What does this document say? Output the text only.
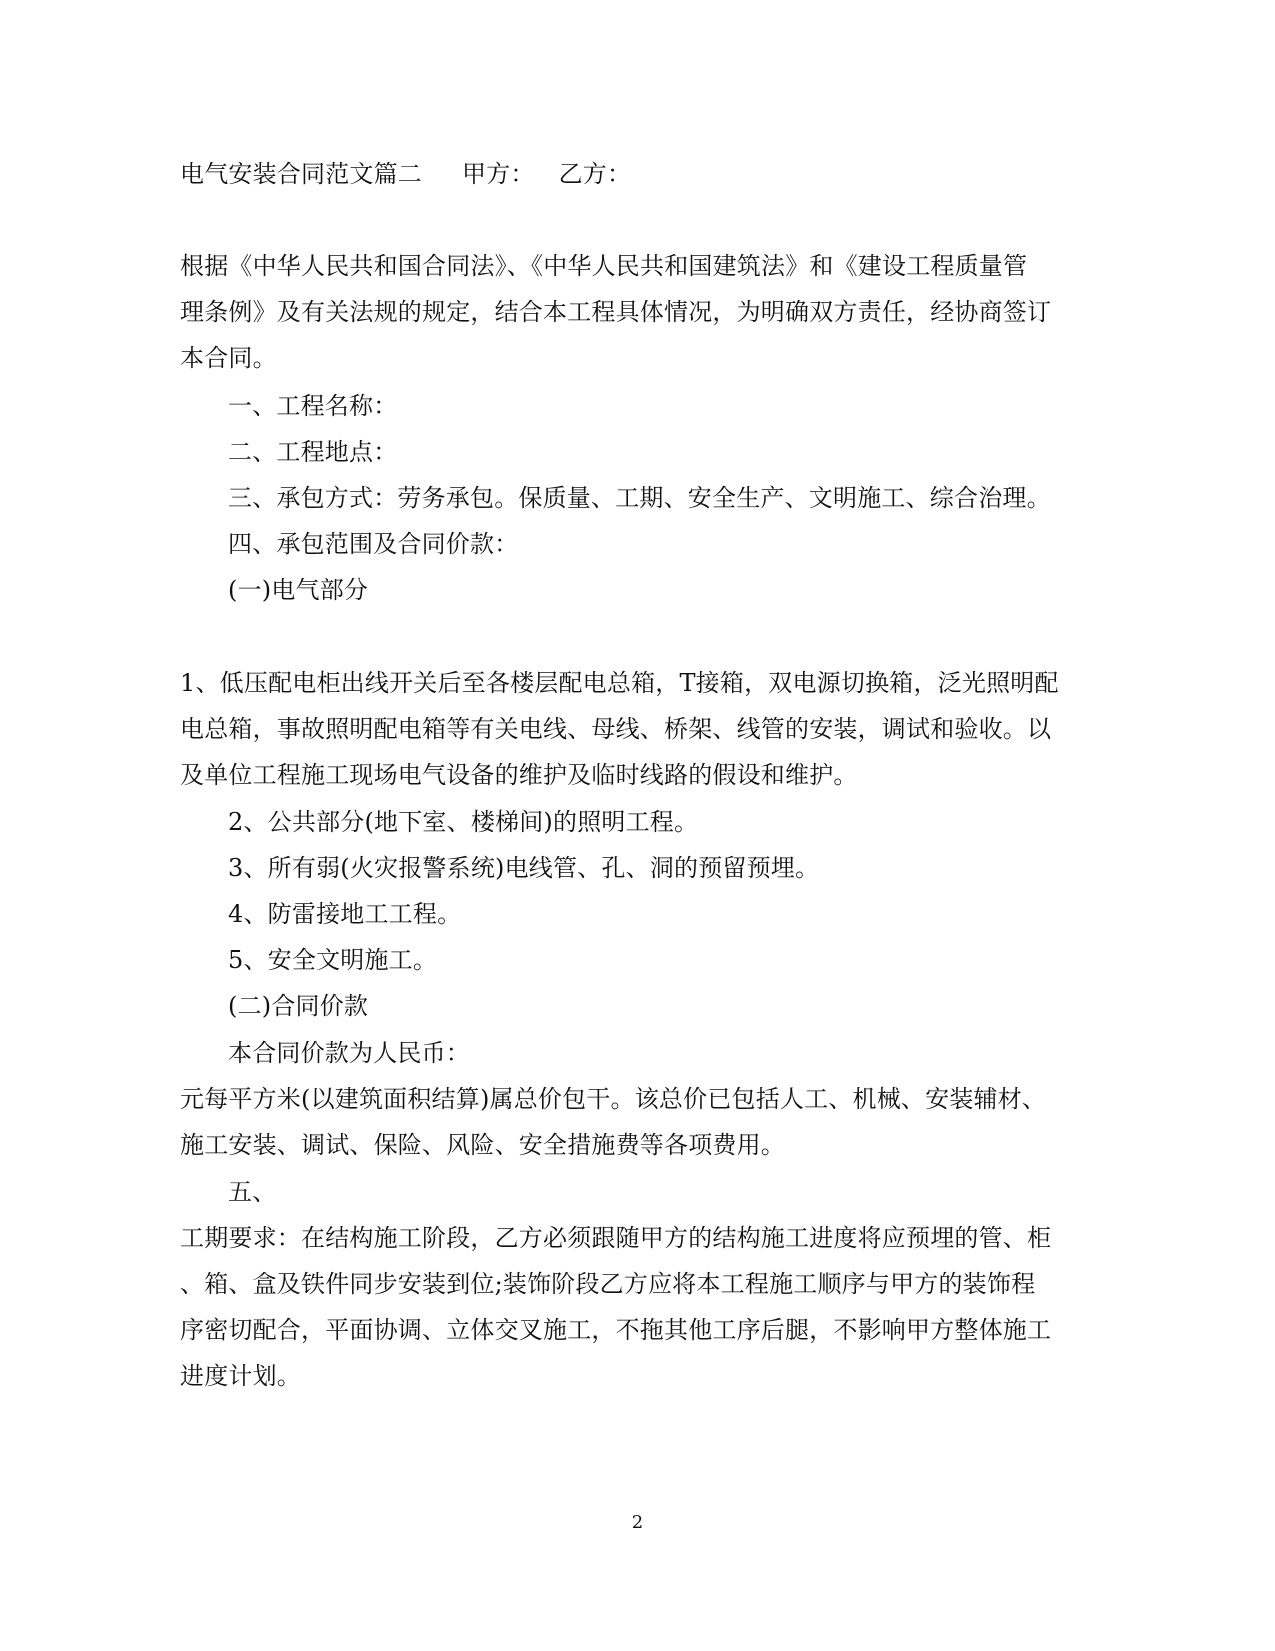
电气安装合同范文篇二 甲方： 乙方：
根据《中华人民共和国合同法》、《中华人民共和国建筑法》和《建设工程质量管
理条例》及有关法规的规定，结合本工程具体情况，为明确双方责任，经协商签订
本合同。
一、工程名称：
二、工程地点：
三、承包方式：劳务承包。保质量、工期、安全生产、文明施工、综合治理。
四、承包范围及合同价款：
(一)电气部分
1、低压配电柜出线开关后至各楼层配电总箱，T接箱，双电源切换箱，泛光照明配
电总箱，事故照明配电箱等有关电线、母线、桥架、线管的安装，调试和验收。以
及单位工程施工现场电气设备的维护及临时线路的假设和维护。
2、公共部分(地下室、楼梯间)的照明工程。
3、所有弱(火灾报警系统)电线管、孔、洞的预留预埋。
4、防雷接地工工程。
5、安全文明施工。
(二)合同价款
本合同价款为人民币：
元每平方米(以建筑面积结算)属总价包干。该总价已包括人工、机械、安装辅材、
施工安装、调试、保险、风险、安全措施费等各项费用。
五、
工期要求：在结构施工阶段，乙方必须跟随甲方的结构施工进度将应预埋的管、柜
、箱、盒及铁件同步安装到位;装饰阶段乙方应将本工程施工顺序与甲方的装饰程
序密切配合，平面协调、立体交叉施工，不拖其他工序后腿，不影响甲方整体施工
进度计划。
2
